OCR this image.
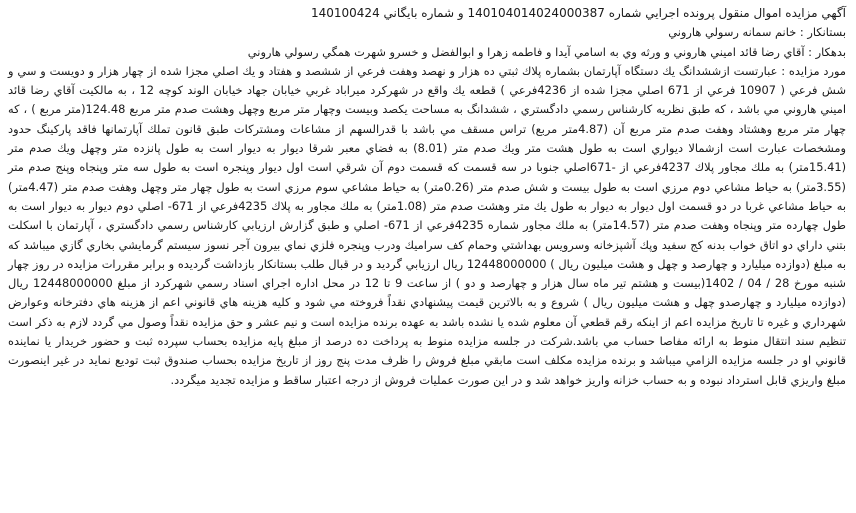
آگهي مزايده اموال منقول پرونده اجرايي شماره 140104014024000387 و شماره بايگاني 140100424

بستانكار : خانم سمانه رسولي هاروني

بدهكار : آقاي رضا قائد اميني هاروني و ورثه وي به اسامي آيدا و فاطمه زهرا و ابوالفضل و خسرو شهرت همگي رسولي هاروني

مورد مزايده : عبارتست ازششدانگ يك دستگاه آپارتمان بشماره پلاك ثبتي ده هزار و نهصد وهفت فرعي از ششصد و هفتاد و يك اصلي مجزا شده از چهار هزار و دويست و سي و شش فرعي ( 10907 فرعي از 671 اصلي مجزا شده از 4236فرعي ) قطعه يك واقع در شهركرد ميراباد غربي خيابان جهاد خيابان الوند كوچه 12 ، به مالكيت آقاي رضا قائد اميني هاروني مي باشد ، كه طبق نظريه كارشناس رسمي دادگستري ، ششدانگ به مساحت يكصد وبيست وچهار متر مربع وچهل وهشت صدم متر مربع 124.48(متر مربع ) ، كه چهار متر مربع وهشتاد وهفت صدم متر مربع آن (4.87متر مربع) تراس مسقف مي باشد با قدرالسهم از مشاعات ومشتركات طبق قانون تملك آپارتمانها فاقد پاركينگ حدود ومشخصات عبارت است ازشمالا ديواري است به طول هشت متر ويك صدم متر (8.01) به فضاي معبر شرقا ديوار به ديوار است به طول پانزده متر وچهل ويك صدم متر (15.41متر) به ملك مجاور پلاك 4237فرعي از -671اصلي جنوبا در سه قسمت كه قسمت دوم آن شرقي است اول ديوار وپنجره است به طول سه متر وپنجاه وپنج صدم متر (3.55متر) به حياط مشاعي دوم مرزي است به طول بيست و شش صدم متر (0.26متر) به حياط مشاعي سوم مرزي است به طول چهار متر وچهل وهفت صدم متر (4.47متر) به حياط مشاعي غربا در دو قسمت اول ديوار به ديوار به طول يك متر وهشت صدم متر (1.08متر) به ملك مجاور به پلاك 4235فرعي از 671- اصلي دوم ديوار به ديوار است به طول چهارده متر وپنجاه وهفت صدم متر (14.57متر) به ملك مجاور شماره 4235فرعي از 671- اصلي و طبق گزارش ارزيابي كارشناس رسمي دادگستري ، آپارتمان با اسكلت بتني داراي دو اتاق خواب بدنه كج سفيد وپك آشپزخانه وسرويس بهداشتي وحمام كف سراميك ودرب وپنجره فلزي نماي بيرون آجر نسوز سيستم گرمايشي بخاري گازي ميباشد كه به مبلغ (دوازده ميليارد و چهارصد و چهل و هشت ميليون ريال ) 12448000000 ريال ارزيابي گرديد و در قبال طلب بستانكار بازداشت گرديده و برابر مقررات مزايده در روز چهار شنبه مورخ 28 / 04 / 1402(بيست و هشتم تير ماه سال هزار و چهارصد و دو ) از ساعت 9 تا 12 در محل اداره اجراي اسناد رسمي شهركرد از مبلغ 12448000000 ريال (دوازده ميليارد و چهارصدو چهل و هشت ميليون ريال ) شروع و به بالاترين قيمت پيشنهادي نقداً فروخته مي شود و كليه هزينه هاي قانوني اعم از هزينه هاي دفترخانه وعوارض شهرداري و غيره تا تاريخ مزايده اعم از اينكه رقم قطعي آن معلوم شده يا نشده باشد به عهده برنده مزايده است و نيم عشر و حق مزايده نقداً وصول مي گردد لازم به ذكر است تنظيم سند انتقال منوط به ارائه مفاصا حساب مي باشد.شركت در جلسه مزايده منوط به پرداخت ده درصد از مبلغ پايه مزايده بحساب سپرده ثبت و حضور خريدار يا نماينده قانوني او در جلسه مزايده الزامي ميباشد و برنده مزايده مكلف است مابقي مبلغ فروش را ظرف مدت پنج روز از تاريخ مزايده بحساب صندوق ثبت توديع نمايد در غير اينصورت مبلغ واريزي قابل استرداد نبوده و به حساب خزانه واريز خواهد شد و در اين صورت عمليات فروش از درجه اعتبار ساقط و مزايده تجديد ميگردد.
